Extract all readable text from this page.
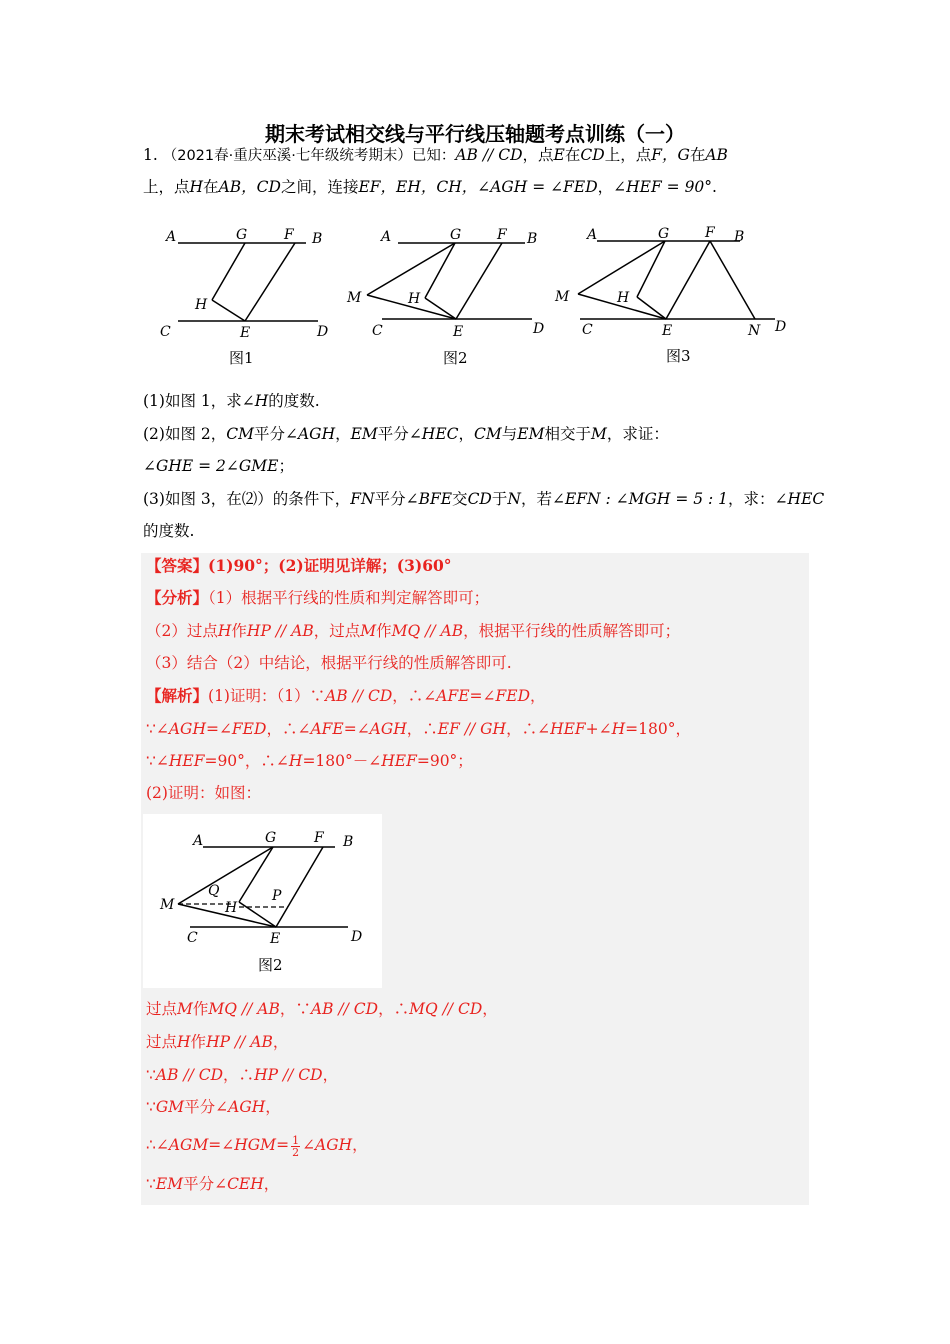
期末考试相交线与平行线压轴题考点训练（一）
1. （2021春·重庆巫溪·七年级统考期末）已知：AB // CD，点E在CD上，点F，G在AB
上，点H在AB，CD之间，连接EF，EH，CH，∠AGH = ∠FED，∠HEF = 90°.
A	G	F B
H
C	E	D
A	G	F B
M	H
C	E	D
A	G	F B
M	H
C	E	N D
图1	图2	图3
(1)如图 1，求∠H的度数.
(2)如图 2，CM平分∠AGH，EM平分∠HEC，CM与EM相交于M，求证：
∠GHE = 2∠GME；
(3)如图 3，在⑵）的条件下，FN平分∠BFE交CD于N，若∠EFN : ∠MGH = 5 : 1，求：∠HEC
的度数.
【答案】(1)90°；(2)证明见详解；(3)60°
【分析】（1）根据平行线的性质和判定解答即可；
（2）过点H作HP // AB，过点M作MQ // AB，根据平行线的性质解答即可；
（3）结合（2）中结论，根据平行线的性质解答即可.
【解析】(1)证明：（1）∵AB // CD，∴∠AFE=∠FED，
∵∠AGH=∠FED，∴∠AFE=∠AGH，∴EF // GH，∴∠HEF+∠H=180°，
∵∠HEF=90°，∴∠H=180°－∠HEF=90°；
(2)证明：如图：
A	G	F B
Q
M	H
P
C	E	D
图2
过点M作MQ // AB，∵AB // CD，∴MQ // CD，
过点H作HP // AB，
∵AB // CD，∴HP // CD，
∵GM平分∠AGH，
∴∠AGM=∠HGM= $\frac{1}{2}$ ∠AGH，
∵EM平分∠CEH，
